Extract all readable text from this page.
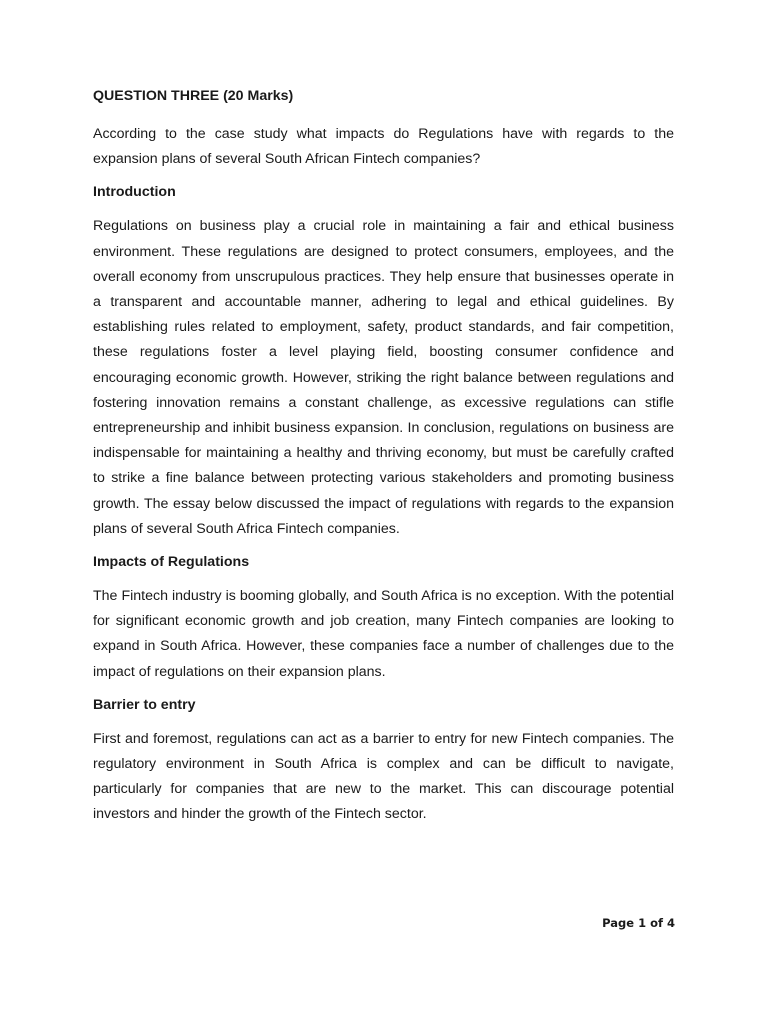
QUESTION THREE (20 Marks)

According to the case study what impacts do Regulations have with regards to the expansion plans of several South African Fintech companies?

Introduction

Regulations on business play a crucial role in maintaining a fair and ethical business environment. These regulations are designed to protect consumers, employees, and the overall economy from unscrupulous practices. They help ensure that businesses operate in a transparent and accountable manner, adhering to legal and ethical guidelines. By establishing rules related to employment, safety, product standards, and fair competition, these regulations foster a level playing field, boosting consumer confidence and encouraging economic growth. However, striking the right balance between regulations and fostering innovation remains a constant challenge, as excessive regulations can stifle entrepreneurship and inhibit business expansion. In conclusion, regulations on business are indispensable for maintaining a healthy and thriving economy, but must be carefully crafted to strike a fine balance between protecting various stakeholders and promoting business growth. The essay below discussed the impact of regulations with regards to the expansion plans of several South Africa Fintech companies.

Impacts of Regulations

The Fintech industry is booming globally, and South Africa is no exception. With the potential for significant economic growth and job creation, many Fintech companies are looking to expand in South Africa. However, these companies face a number of challenges due to the impact of regulations on their expansion plans.

Barrier to entry

First and foremost, regulations can act as a barrier to entry for new Fintech companies. The regulatory environment in South Africa is complex and can be difficult to navigate, particularly for companies that are new to the market. This can discourage potential investors and hinder the growth of the Fintech sector.

Page 1 of 4
